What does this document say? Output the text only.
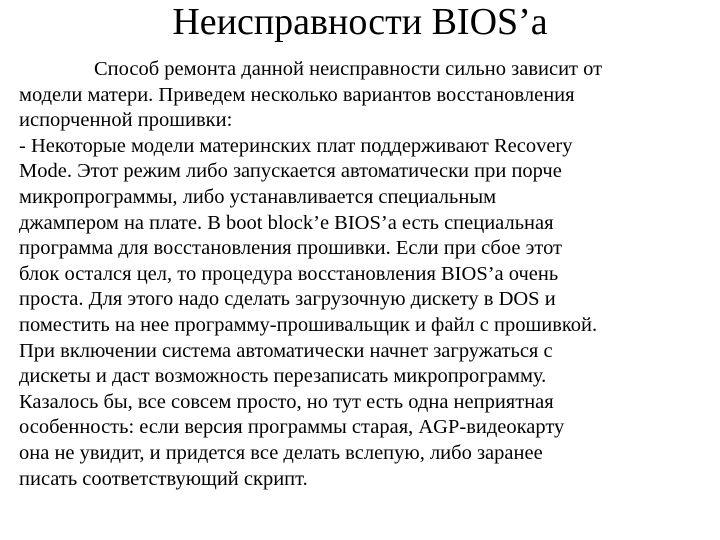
Неисправности BIOS’а
Способ ремонта данной неисправности сильно зависит от
модели матери. Приведем несколько вариантов восстановления
испорченной прошивки:
- Некоторые модели материнских плат поддерживают Recovery
Mode. Этот режим либо запускается автоматически при порче
микропрограммы, либо устанавливается специальным
джампером на плате. В boot block’е BIOS’а есть специальная
программа для восстановления прошивки. Если при сбое этот
блок остался цел, то процедура восстановления BIOS’а очень
проста. Для этого надо сделать загрузочную дискету в DOS и
поместить на нее программу-прошивальщик и файл с прошивкой.
При включении система автоматически начнет загружаться с
дискеты и даст возможность перезаписать микропрограмму.
Казалось бы, все совсем просто, но тут есть одна неприятная
особенность: если версия программы старая, AGP-видеокарту
она не увидит, и придется все делать вслепую, либо заранее
писать соответствующий скрипт.
